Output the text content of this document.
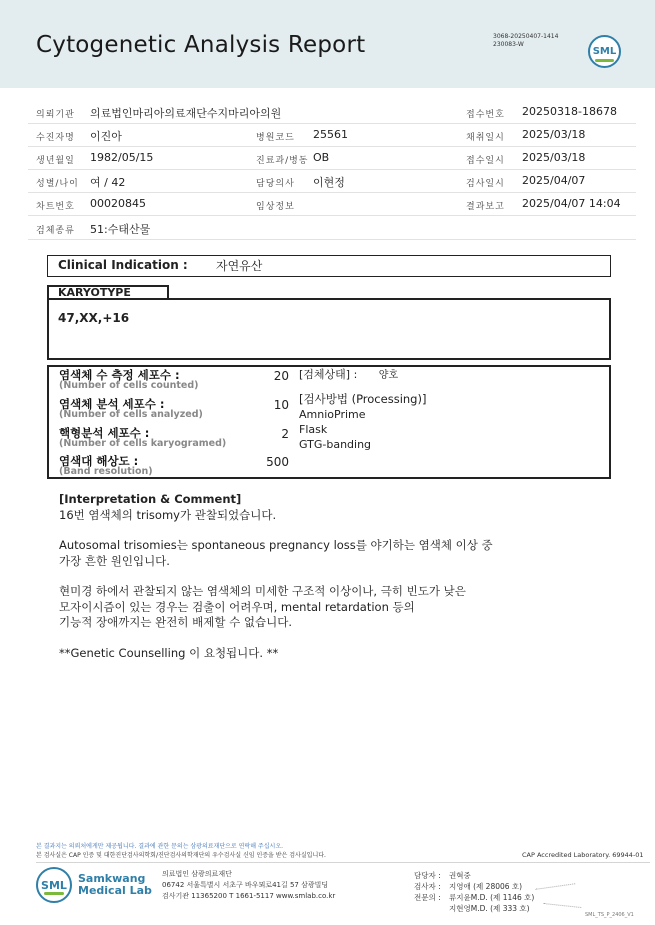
Cytogenetic Analysis Report	3068-20250407-1414
230083-W
SML
의뢰기관 의료법인마리아의료재단수지마리아의원	접수번호 20250318-18678
수진자명 이진아	병원코드 25561	채취일시 2025/03/18
생년월일 1982/05/15	진료과/병동 OB	접수일시 2025/03/18
성별/나이 여 / 42	담당의사 이현정	검사일시 2025/04/07
차트번호 00020845	임상정보	결과보고 2025/04/07 14:04
검체종류 51:수태산물
Clinical Indication : 자연유산
KARYOTYPE
47,XX,+16
염색체 수 측정 세포수 :
(Number of cells counted)
20
염색체 분석 세포수 :
(Number of cells analyzed)
10
핵형분석 세포수 :
(Number of cells karyogramed)
2
염색대 해상도 :
(Band resolution)
500
[검체상태] : 양호
[검사방법 (Processing)]
AmnioPrime
Flask
GTG-banding

[Interpretation & Comment]

16번 염색체의 trisomy가 관찰되었습니다.

Autosomal trisomies는 spontaneous pregnancy loss를 야기하는 염색체 이상 중

가장 흔한 원인입니다.

현미경 하에서 관찰되지 않는 염색체의 미세한 구조적 이상이나, 극히 빈도가 낮은

모자이시즘이 있는 경우는 검출이 어려우며, mental retardation 등의

기능적 장애까지는 완전히 배제할 수 없습니다.

**Genetic Counselling 이 요청됩니다. **

본 결과지는 의뢰처에게만 제공됩니다. 결과에 관한 문의는 삼광의료재단으로 연락해 주십시오.
본 검사실은 CAP 인증 및 대한진단검사의학회/진단검사의학재단의 우수검사실 신임 인증을 받은 검사실입니다.	CAP Accredited Laboratory. 69944-01
SML
Samkwang
Medical Lab
의료법인 삼광의료재단
06742 서울특별시 서초구 바우뫼로41길 57 삼광빌딩
검사기관 11365200 T 1661-5117 www.smlab.co.kr
담당자 : 권혁중
검사자 : 지영애 (제 28006 호)
전문의 : 류지윤M.D. (제 1146 호)
지현영M.D. (제 333 호)
SML_TS_P_2406_V1
